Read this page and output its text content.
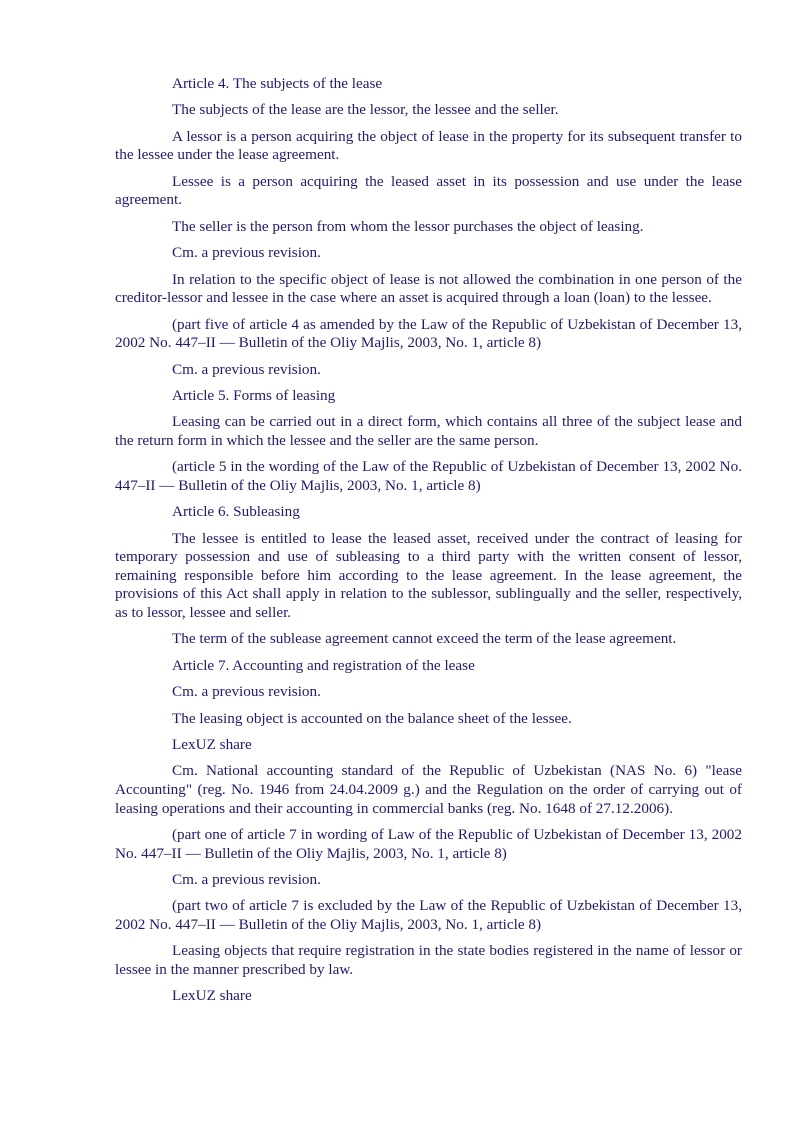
Article 4. The subjects of the lease

The subjects of the lease are the lessor, the lessee and the seller.

A lessor is a person acquiring the object of lease in the property for its subsequent transfer to the lessee under the lease agreement.

Lessee is a person acquiring the leased asset in its possession and use under the lease agreement.

The seller is the person from whom the lessor purchases the object of leasing.

Cm. a previous revision.

In relation to the specific object of lease is not allowed the combination in one person of the creditor-lessor and lessee in the case where an asset is acquired through a loan (loan) to the lessee.

(part five of article 4 as amended by the Law of the Republic of Uzbekistan of December 13, 2002 No. 447–II — Bulletin of the Oliy Majlis, 2003, No. 1, article 8)

Cm. a previous revision.

Article 5. Forms of leasing

Leasing can be carried out in a direct form, which contains all three of the subject lease and the return form in which the lessee and the seller are the same person.

(article 5 in the wording of the Law of the Republic of Uzbekistan of December 13, 2002 No. 447–II — Bulletin of the Oliy Majlis, 2003, No. 1, article 8)

Article 6. Subleasing

The lessee is entitled to lease the leased asset, received under the contract of leasing for temporary possession and use of subleasing to a third party with the written consent of lessor, remaining responsible before him according to the lease agreement. In the lease agreement, the provisions of this Act shall apply in relation to the sublessor, sublingually and the seller, respectively, as to lessor, lessee and seller.

The term of the sublease agreement cannot exceed the term of the lease agreement.

Article 7. Accounting and registration of the lease

Cm. a previous revision.

The leasing object is accounted on the balance sheet of the lessee.

LexUZ share

Cm. National accounting standard of the Republic of Uzbekistan (NAS No. 6) "lease Accounting" (reg. No. 1946 from 24.04.2009 g.) and the Regulation on the order of carrying out of leasing operations and their accounting in commercial banks (reg. No. 1648 of 27.12.2006).

(part one of article 7 in wording of Law of the Republic of Uzbekistan of December 13, 2002 No. 447–II — Bulletin of the Oliy Majlis, 2003, No. 1, article 8)

Cm. a previous revision.

(part two of article 7 is excluded by the Law of the Republic of Uzbekistan of December 13, 2002 No. 447–II — Bulletin of the Oliy Majlis, 2003, No. 1, article 8)

Leasing objects that require registration in the state bodies registered in the name of lessor or lessee in the manner prescribed by law.

LexUZ share
